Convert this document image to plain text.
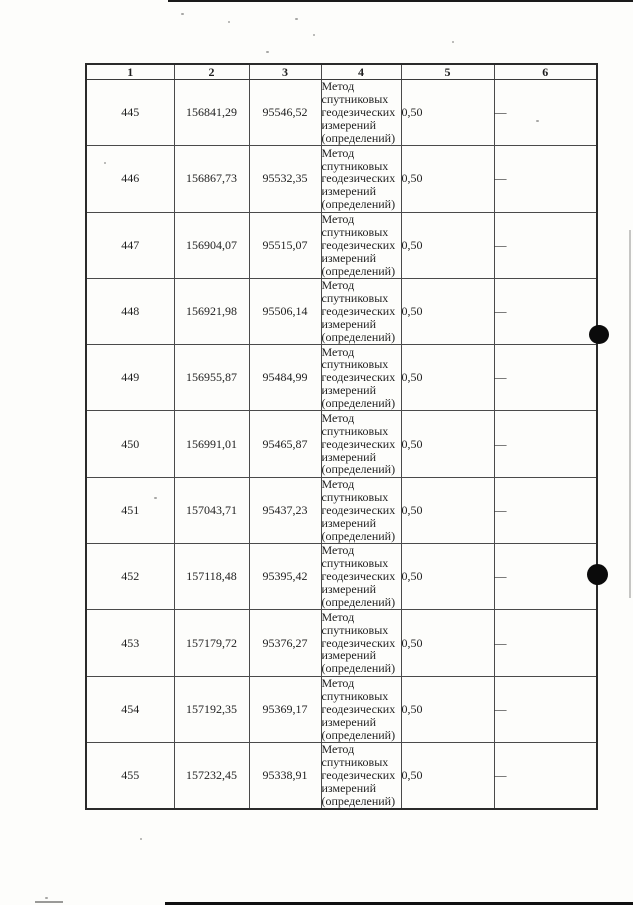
1	2	3	4	5	6
445	156841,29	95546,52	Метод спутниковых геодезических измерений (определений)	0,50	—
446	156867,73	95532,35	Метод спутниковых геодезических измерений (определений)	0,50	—
447	156904,07	95515,07	Метод спутниковых геодезических измерений (определений)	0,50	—
448	156921,98	95506,14	Метод спутниковых геодезических измерений (определений)	0,50	—
449	156955,87	95484,99	Метод спутниковых геодезических измерений (определений)	0,50	—
450	156991,01	95465,87	Метод спутниковых геодезических измерений (определений)	0,50	—
451	157043,71	95437,23	Метод спутниковых геодезических измерений (определений)	0,50	—
452	157118,48	95395,42	Метод спутниковых геодезических измерений (определений)	0,50	—
453	157179,72	95376,27	Метод спутниковых геодезических измерений (определений)	0,50	—
454	157192,35	95369,17	Метод спутниковых геодезических измерений (определений)	0,50	—
455	157232,45	95338,91	Метод спутниковых геодезических измерений (определений)	0,50	—
